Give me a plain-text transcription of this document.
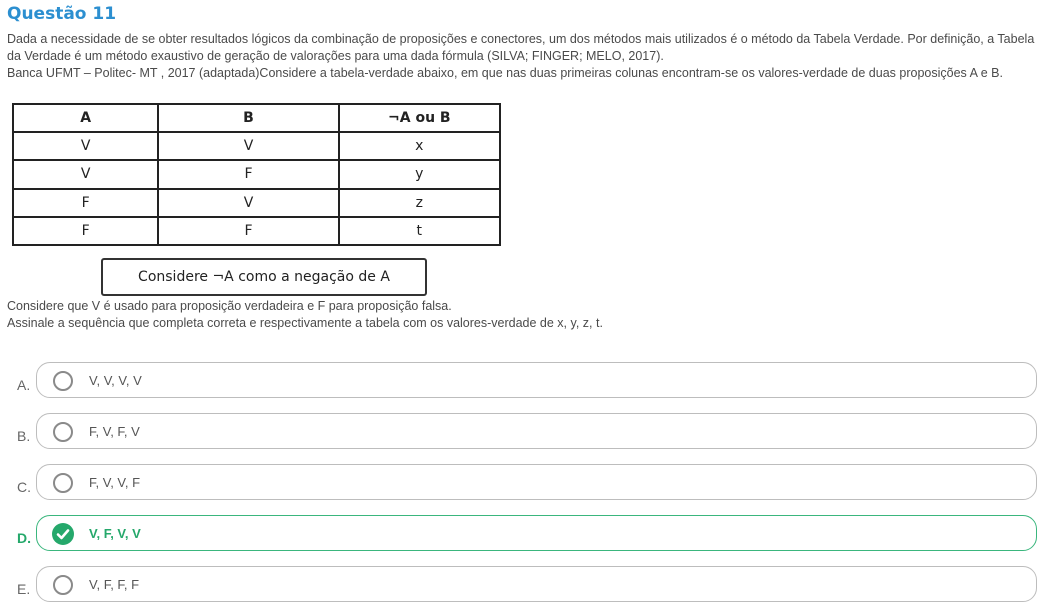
Questão 11

Dada a necessidade de se obter resultados lógicos da combinação de proposições e conectores, um dos métodos mais utilizados é o método da Tabela Verdade. Por definição, a Tabela da Verdade é um método exaustivo de geração de valorações para uma dada fórmula (SILVA; FINGER; MELO, 2017).

Banca UFMT – Politec- MT , 2017 (adaptada)Considere a tabela-verdade abaixo, em que nas duas primeiras colunas encontram-se os valores-verdade de duas proposições A e B.

A	B	¬A ou B
V	V	x
V	F	y
F	V	z
F	F	t
Considere ¬A como a negação de A

Considere que V é usado para proposição verdadeira e F para proposição falsa.

Assinale a sequência que completa correta e respectivamente a tabela com os valores-verdade de x, y, z, t.

A.	V, V, V, V
B.	F, V, F, V
C.	F, V, V, F
D.	V, F, V, V
E.	V, F, F, F
